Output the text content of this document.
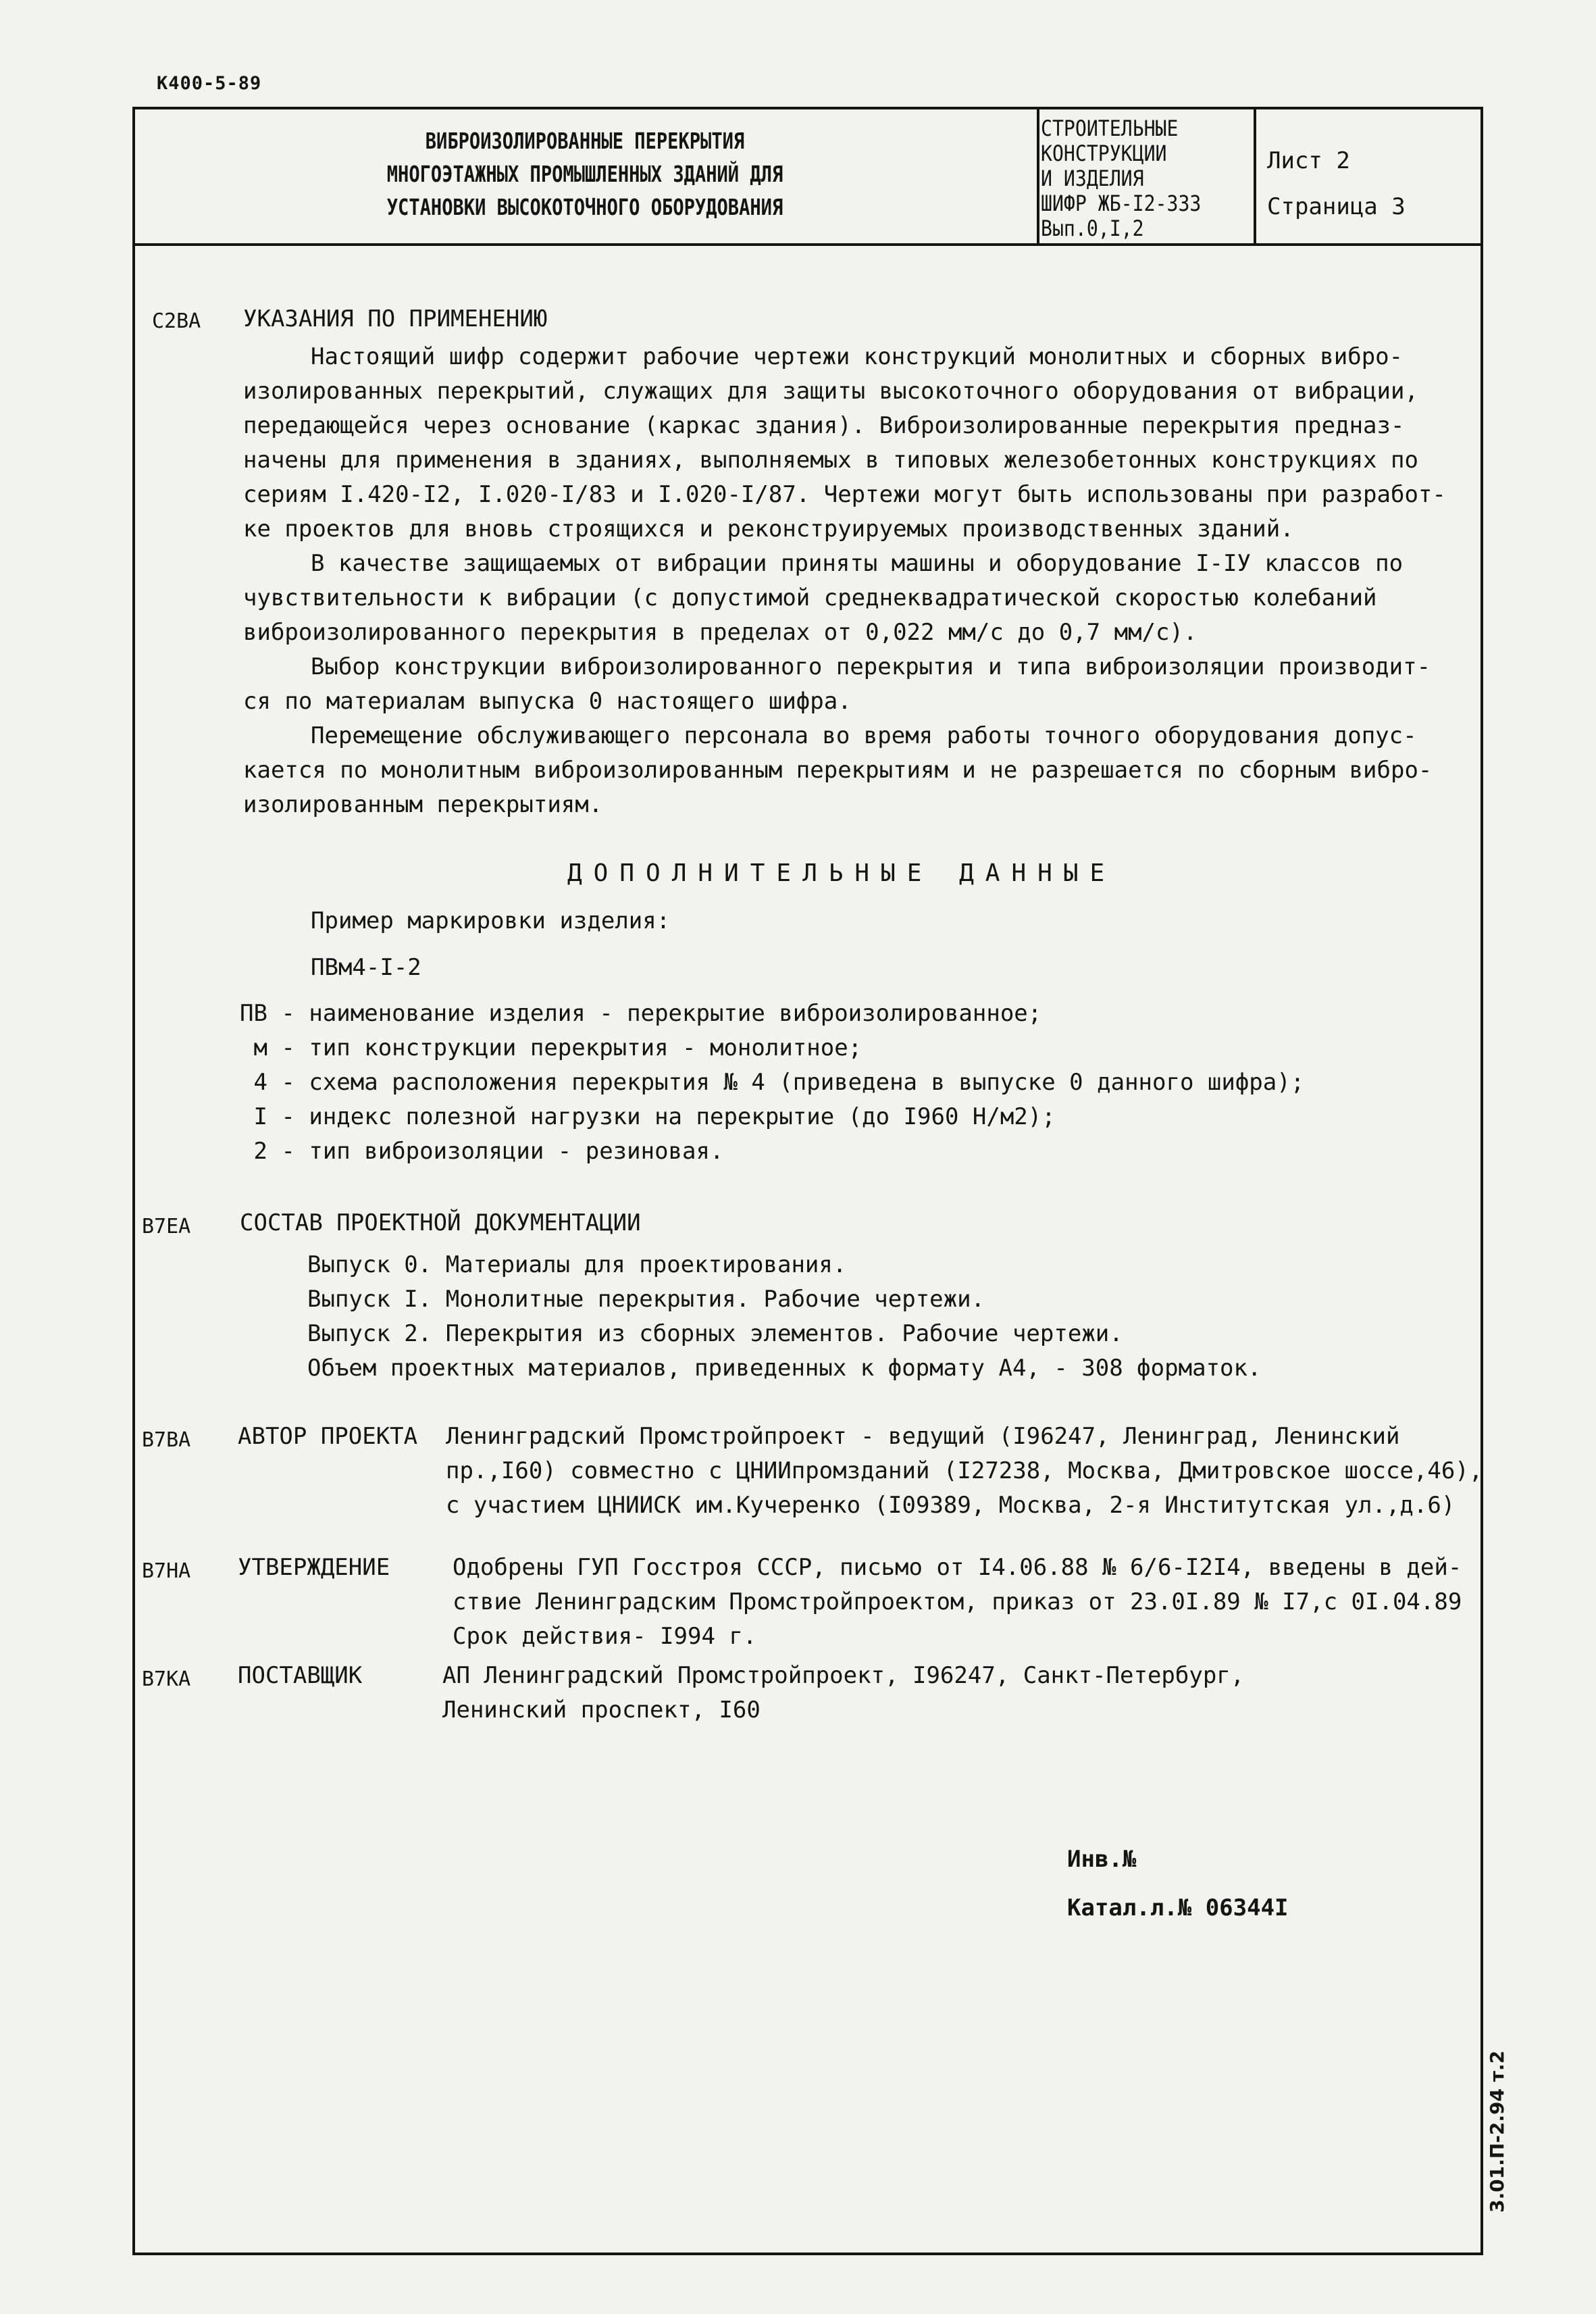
К400-5-89
ВИБРОИЗОЛИРОВАННЫЕ ПЕРЕКРЫТИЯ
МНОГОЭТАЖНЫХ ПРОМЫШЛЕННЫХ ЗДАНИЙ ДЛЯ
УСТАНОВКИ ВЫСОКОТОЧНОГО ОБОРУДОВАНИЯ
СТРОИТЕЛЬНЫЕ
КОНСТРУКЦИИ
И ИЗДЕЛИЯ
ШИФР ЖБ-I2-333
Вып.0,I,2
Лист 2
Страница 3
С2ВА УКАЗАНИЯ ПО ПРИМЕНЕНИЮ
Настоящий шифр содержит рабочие чертежи конструкций монолитных и сборных вибро-
изолированных перекрытий, служащих для защиты высокоточного оборудования от вибрации,
передающейся через основание (каркас здания). Виброизолированные перекрытия предназ-
начены для применения в зданиях, выполняемых в типовых железобетонных конструкциях по
сериям I.420-I2, I.020-I/83 и I.020-I/87. Чертежи могут быть использованы при разработ-
ке проектов для вновь строящихся и реконструируемых производственных зданий.
В качестве защищаемых от вибрации приняты машины и оборудование I-IУ классов по
чувствительности к вибрации (с допустимой среднеквадратической скоростью колебаний
виброизолированного перекрытия в пределах от 0,022 мм/с до 0,7 мм/с).
Выбор конструкции виброизолированного перекрытия и типа виброизоляции производит-
ся по материалам выпуска 0 настоящего шифра.
Перемещение обслуживающего персонала во время работы точного оборудования допус-
кается по монолитным виброизолированным перекрытиям и не разрешается по сборным вибро-
изолированным перекрытиям.
ДОПОЛНИТЕЛЬНЫЕ ДАННЫЕ
Пример маркировки изделия:
ПВм4-I-2
ПВ - наименование изделия - перекрытие виброизолированное;
м - тип конструкции перекрытия - монолитное;
4 - схема расположения перекрытия № 4 (приведена в выпуске 0 данного шифра);
I - индекс полезной нагрузки на перекрытие (до I960 Н/м2);
2 - тип виброизоляции - резиновая.
В7ЕА СОСТАВ ПРОЕКТНОЙ ДОКУМЕНТАЦИИ
Выпуск 0. Материалы для проектирования.
Выпуск I. Монолитные перекрытия. Рабочие чертежи.
Выпуск 2. Перекрытия из сборных элементов. Рабочие чертежи.
Объем проектных материалов, приведенных к формату А4, - 308 форматок.
В7ВА АВТОР ПРОЕКТА Ленинградский Промстройпроект - ведущий (I96247, Ленинград, Ленинский
пр.,I60) совместно с ЦНИИпромзданий (I27238, Москва, Дмитровское шоссе,46),
с участием ЦНИИСК им.Кучеренко (I09389, Москва, 2-я Институтская ул.,д.6)
В7НА УТВЕРЖДЕНИЕ	Одобрены ГУП Госстроя СССР, письмо от I4.06.88 № 6/6-I2I4, введены в дей-
ствие Ленинградским Промстройпроектом, приказ от 23.0I.89 № I7,с 0I.04.89
Срок действия- I994 г.
В7КА ПОСТАВЩИК	АП Ленинградский Промстройпроект, I96247, Санкт-Петербург,
Ленинский проспект, I60
Инв.№
Катал.л.№ 06344I
3.01.П-2.94 т.2
